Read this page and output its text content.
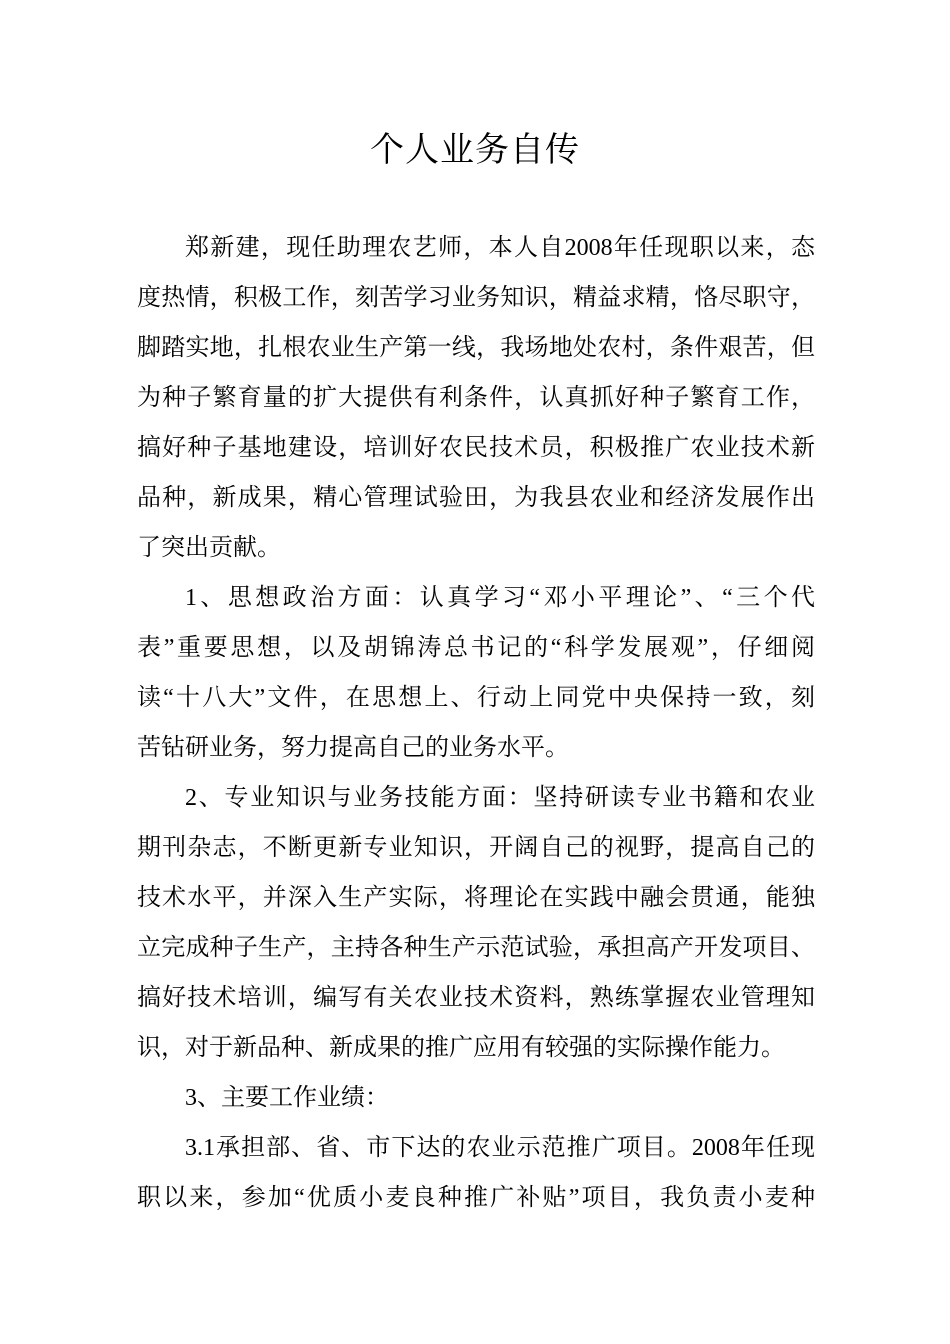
个人业务自传
郑新建，现任助理农艺师，本人自2008年任现职以来，态
度热情，积极工作，刻苦学习业务知识，精益求精，恪尽职守，
脚踏实地，扎根农业生产第一线，我场地处农村，条件艰苦，但
为种子繁育量的扩大提供有利条件，认真抓好种子繁育工作，
搞好种子基地建设，培训好农民技术员，积极推广农业技术新
品种，新成果，精心管理试验田，为我县农业和经济发展作出
了突出贡献。
1、思想政治方面：认真学习“邓小平理论”、“三个代
表”重要思想，以及胡锦涛总书记的“科学发展观”，仔细阅
读“十八大”文件，在思想上、行动上同党中央保持一致，刻
苦钻研业务，努力提高自己的业务水平。
2、专业知识与业务技能方面：坚持研读专业书籍和农业
期刊杂志，不断更新专业知识，开阔自己的视野，提高自己的
技术水平，并深入生产实际，将理论在实践中融会贯通，能独
立完成种子生产，主持各种生产示范试验，承担高产开发项目、
搞好技术培训，编写有关农业技术资料，熟练掌握农业管理知
识，对于新品种、新成果的推广应用有较强的实际操作能力。
3、主要工作业绩：
3.1承担部、省、市下达的农业示范推广项目。2008年任现
职以来，参加“优质小麦良种推广补贴”项目，我负责小麦种
